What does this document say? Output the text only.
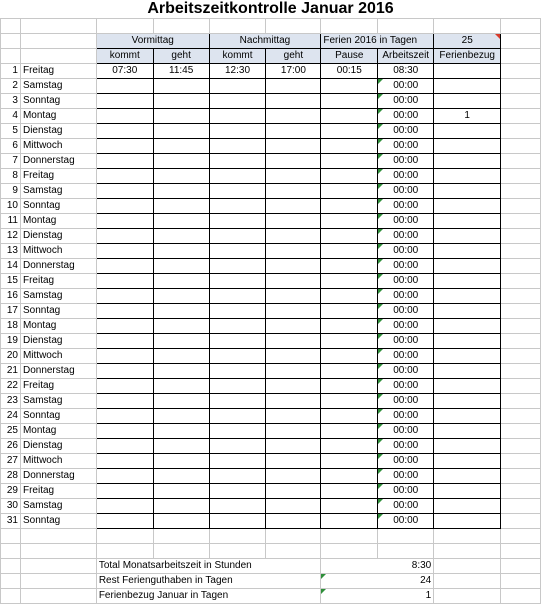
Arbeitszeitkontrolle Januar 2016

		Vormittag		Nachmittag		Ferien 2016 in Tagen		25

		kommt	geht	kommt	geht	Pause	Arbeitszeit	Ferienbezug	
1	Freitag	07:30	11:45	12:30	17:00	00:15	08:30		
2	Samstag						00:00

3	Sonntag						00:00

4	Montag						00:00	1	
5	Dienstag						00:00

6	Mittwoch						00:00

7	Donnerstag						00:00

8	Freitag						00:00

9	Samstag						00:00

10	Sonntag						00:00

11	Montag						00:00

12	Dienstag						00:00

13	Mittwoch						00:00

14	Donnerstag						00:00

15	Freitag						00:00

16	Samstag						00:00

17	Sonntag						00:00

18	Montag						00:00

19	Dienstag						00:00

20	Mittwoch						00:00

21	Donnerstag						00:00

22	Freitag						00:00

23	Samstag						00:00

24	Sonntag						00:00

25	Montag						00:00

26	Dienstag						00:00

27	Mittwoch						00:00

28	Donnerstag						00:00

29	Freitag						00:00

30	Samstag						00:00

31	Sonntag						00:00

		Total Monatsarbeitszeit in Stunden				8:30			
		Rest Ferienguthaben in Tagen				24			
		Ferienbezug Januar in Tagen				1			
